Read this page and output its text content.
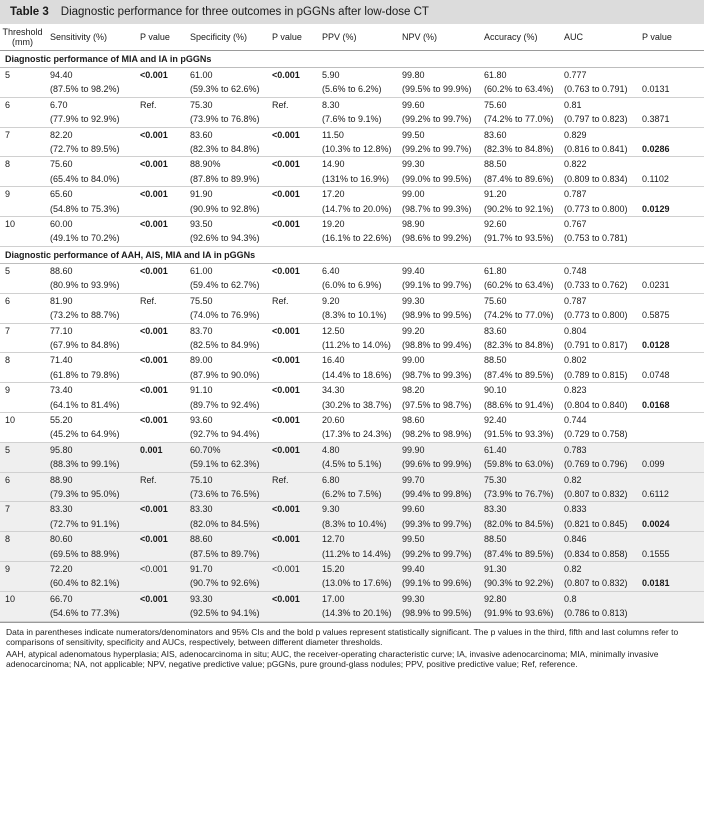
Table 3 Diagnostic performance for three outcomes in pGGNs after low-dose CT
Threshold
(mm)	Sensitivity (%)	P value	Specificity (%)	P value	PPV (%)	NPV (%)	Accuracy (%)	AUC	P value
Diagnostic performance of MIA and IA in pGGNs									
5	94.40	<0.001	61.00	<0.001	5.90	99.80	61.80	0.777	
	(87.5% to 98.2%)		(59.3% to 62.6%)		(5.6% to 6.2%)	(99.5% to 99.9%)	(60.2% to 63.4%)	(0.763 to 0.791)	0.0131
6	6.70	Ref.	75.30	Ref.	8.30	99.60	75.60	0.81	
	(77.9% to 92.9%)		(73.9% to 76.8%)		(7.6% to 9.1%)	(99.2% to 99.7%)	(74.2% to 77.0%)	(0.797 to 0.823)	0.3871
7	82.20	<0.001	83.60	<0.001	11.50	99.50	83.60	0.829	
	(72.7% to 89.5%)		(82.3% to 84.8%)		(10.3% to 12.8%)	(99.2% to 99.7%)	(82.3% to 84.8%)	(0.816 to 0.841)	0.0286
8	75.60	<0.001	88.90%	<0.001	14.90	99.30	88.50	0.822	
	(65.4% to 84.0%)		(87.8% to 89.9%)		(131% to 16.9%)	(99.0% to 99.5%)	(87.4% to 89.6%)	(0.809 to 0.834)	0.1102
9	65.60	<0.001	91.90	<0.001	17.20	99.00	91.20	0.787	
	(54.8% to 75.3%)		(90.9% to 92.8%)		(14.7% to 20.0%)	(98.7% to 99.3%)	(90.2% to 92.1%)	(0.773 to 0.800)	0.0129
10	60.00	<0.001	93.50	<0.001	19.20	98.90	92.60	0.767	
	(49.1% to 70.2%)		(92.6% to 94.3%)		(16.1% to 22.6%)	(98.6% to 99.2%)	(91.7% to 93.5%)	(0.753 to 0.781)	
Diagnostic performance of AAH, AIS, MIA and IA in pGGNs									
5	88.60	<0.001	61.00	<0.001	6.40	99.40	61.80	0.748	
	(80.9% to 93.9%)		(59.4% to 62.7%)		(6.0% to 6.9%)	(99.1% to 99.7%)	(60.2% to 63.4%)	(0.733 to 0.762)	0.0231
6	81.90	Ref.	75.50	Ref.	9.20	99.30	75.60	0.787	
	(73.2% to 88.7%)		(74.0% to 76.9%)		(8.3% to 10.1%)	(98.9% to 99.5%)	(74.2% to 77.0%)	(0.773 to 0.800)	0.5875
7	77.10	<0.001	83.70	<0.001	12.50	99.20	83.60	0.804	
	(67.9% to 84.8%)		(82.5% to 84.9%)		(11.2% to 14.0%)	(98.8% to 99.4%)	(82.3% to 84.8%)	(0.791 to 0.817)	0.0128
8	71.40	<0.001	89.00	<0.001	16.40	99.00	88.50	0.802	
	(61.8% to 79.8%)		(87.9% to 90.0%)		(14.4% to 18.6%)	(98.7% to 99.3%)	(87.4% to 89.5%)	(0.789 to 0.815)	0.0748
9	73.40	<0.001	91.10	<0.001	34.30	98.20	90.10	0.823	
	(64.1% to 81.4%)		(89.7% to 92.4%)		(30.2% to 38.7%)	(97.5% to 98.7%)	(88.6% to 91.4%)	(0.804 to 0.840)	0.0168
10	55.20	<0.001	93.60	<0.001	20.60	98.60	92.40	0.744	
	(45.2% to 64.9%)		(92.7% to 94.4%)		(17.3% to 24.3%)	(98.2% to 98.9%)	(91.5% to 93.3%)	(0.729 to 0.758)	
5	95.80	0.001	60.70%	<0.001	4.80	99.90	61.40	0.783	
	(88.3% to 99.1%)		(59.1% to 62.3%)		(4.5% to 5.1%)	(99.6% to 99.9%)	(59.8% to 63.0%)	(0.769 to 0.796)	0.099
6	88.90	Ref.	75.10	Ref.	6.80	99.70	75.30	0.82	
	(79.3% to 95.0%)		(73.6% to 76.5%)		(6.2% to 7.5%)	(99.4% to 99.8%)	(73.9% to 76.7%)	(0.807 to 0.832)	0.6112
7	83.30	<0.001	83.30	<0.001	9.30	99.60	83.30	0.833	
	(72.7% to 91.1%)		(82.0% to 84.5%)		(8.3% to 10.4%)	(99.3% to 99.7%)	(82.0% to 84.5%)	(0.821 to 0.845)	0.0024
8	80.60	<0.001	88.60	<0.001	12.70	99.50	88.50	0.846	
	(69.5% to 88.9%)		(87.5% to 89.7%)		(11.2% to 14.4%)	(99.2% to 99.7%)	(87.4% to 89.5%)	(0.834 to 0.858)	0.1555
9	72.20	<0.001	91.70	<0.001	15.20	99.40	91.30	0.82	
	(60.4% to 82.1%)		(90.7% to 92.6%)		(13.0% to 17.6%)	(99.1% to 99.6%)	(90.3% to 92.2%)	(0.807 to 0.832)	0.0181
10	66.70	<0.001	93.30	<0.001	17.00	99.30	92.80	0.8	
	(54.6% to 77.3%)		(92.5% to 94.1%)		(14.3% to 20.1%)	(98.9% to 99.5%)	(91.9% to 93.6%)	(0.786 to 0.813)	

Data in parentheses indicate numerators/denominators and 95% CIs and the bold p values represent statistically significant. The p values in the third, fifth and last columns refer to comparisons of sensitivity, specificity and AUCs, respectively, between different diameter thresholds.

AAH, atypical adenomatous hyperplasia; AIS, adenocarcinoma in situ; AUC, the receiver-operating characteristic curve; IA, invasive adenocarcinoma; MIA, minimally invasive adenocarcinoma; NA, not applicable; NPV, negative predictive value; pGGNs, pure ground-glass nodules; PPV, positive predictive value; Ref, reference.
